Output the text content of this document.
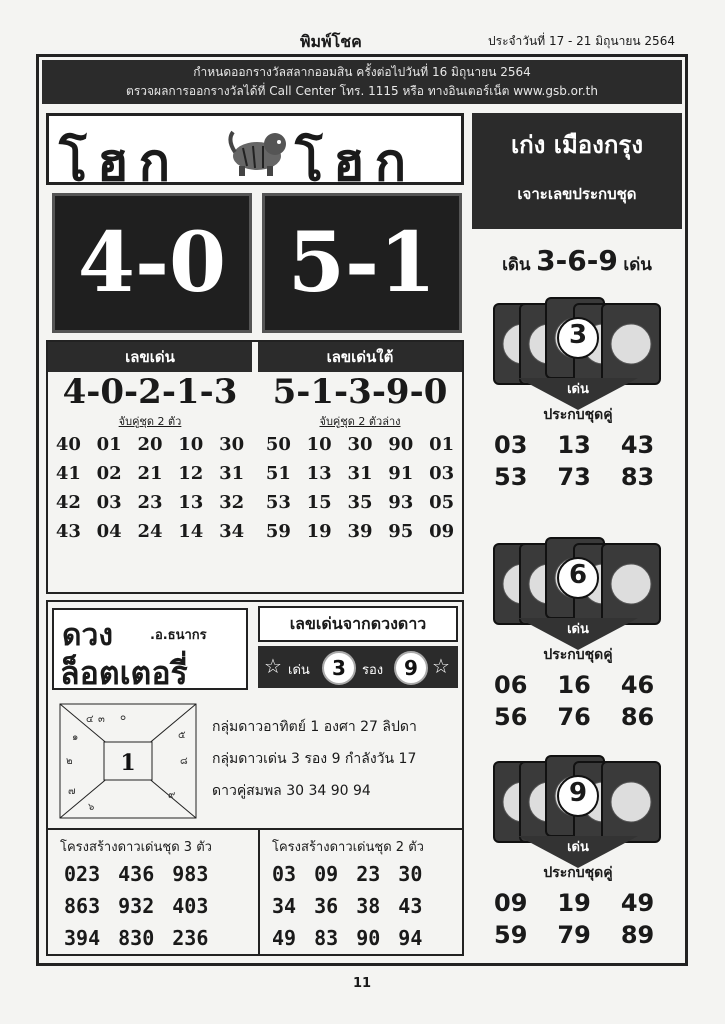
พิมพ์โชค	ประจำวันที่ 17 - 21 มิถุนายน 2564
กำหนดออกรางวัลสลากออมสิน ครั้งต่อไปวันที่ 16 มิถุนายน 2564
ตรวจผลการออกรางวัลได้ที่ Call Center โทร. 1115 หรือ ทางอินเตอร์เน็ต www.gsb.or.th
โฮก โฮก
4-0 5-1
เลขเด่น
4-0-2-1-3
จับคู่ชุด 2 ตัว
40	01	20	10	30
41	02	21	12	31
42	03	23	13	32
43	04	24	14	34
เลขเด่นใต้
5-1-3-9-0
จับคู่ชุด 2 ตัวล่าง
50	10	30	90	01
51	13	31	91	03
53	15	35	93	05
59	19	39	95	09
ดวง	.อ.ธนากร
ล็อตเตอรี่
เลขเด่นจากดวงดาว
☆ เด่น	3	รอง	9 ☆
1
๔ ๓
๑
๒
๕
๘
๗
๖
๐
๙
กลุ่มดาวอาทิตย์ 1 องศา 27 ลิปดา
กลุ่มดาวเด่น 3 รอง 9 กำลังวัน 17
ดาวคู่สมพล 30 34 90 94
โครงสร้างดาวเด่นชุด 3 ตัว
023	436	983
863	932	403
394	830	236
โครงสร้างดาวเด่นชุด 2 ตัว
03	09	23	30
34	36	38	43
49	83	90	94
เก่ง เมืองกรุง
เจาะเลขประกบชุด
เดิน 3-6-9 เด่น
3
เด่น
ประกบชุดคู่
03	13	43
53	73	83
6
เด่น
ประกบชุดคู่
06	16	46
56	76	86
9
เด่น
ประกบชุดคู่
09	19	49
59	79	89
11
